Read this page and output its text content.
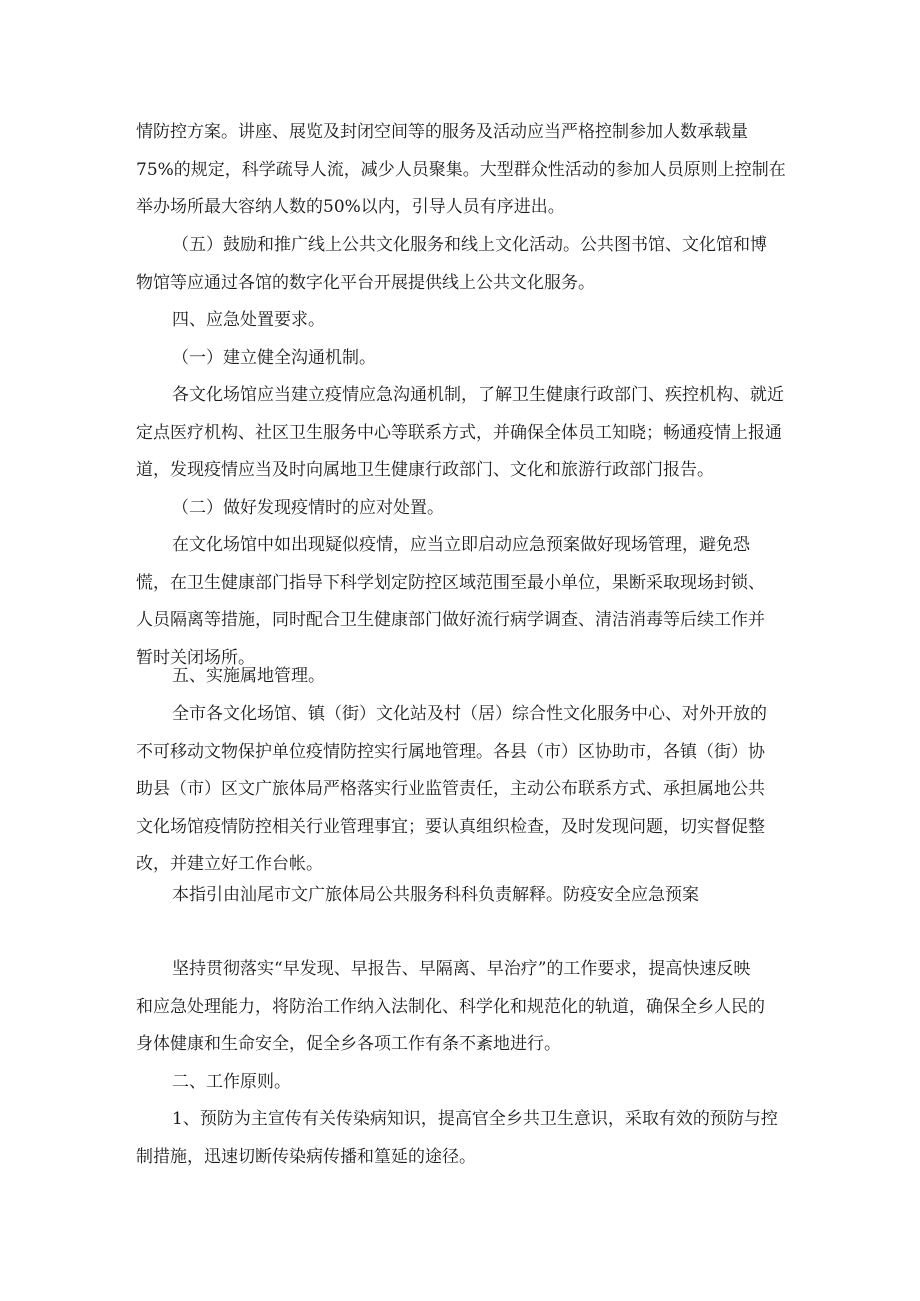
情防控方案。讲座、展览及封闭空间等的服务及活动应当严格控制参加人数承载量
75%的规定，科学疏导人流，减少人员聚集。大型群众性活动的参加人员原则上控制在
举办场所最大容纳人数的50%以内，引导人员有序进出。

（五）鼓励和推广线上公共文化服务和线上文化活动。公共图书馆、文化馆和博
物馆等应通过各馆的数字化平台开展提供线上公共文化服务。

四、应急处置要求。

（一）建立健全沟通机制。

各文化场馆应当建立疫情应急沟通机制，了解卫生健康行政部门、疾控机构、就近
定点医疗机构、社区卫生服务中心等联系方式，并确保全体员工知晓；畅通疫情上报通
道，发现疫情应当及时向属地卫生健康行政部门、文化和旅游行政部门报告。

（二）做好发现疫情时的应对处置。

在文化场馆中如出现疑似疫情，应当立即启动应急预案做好现场管理，避免恐
慌，在卫生健康部门指导下科学划定防控区域范围至最小单位，果断采取现场封锁、
人员隔离等措施，同时配合卫生健康部门做好流行病学调查、清洁消毒等后续工作并
暂时关闭场所。

五、实施属地管理。

全市各文化场馆、镇（街）文化站及村（居）综合性文化服务中心、对外开放的
不可移动文物保护单位疫情防控实行属地管理。各县（市）区协助市，各镇（街）协
助县（市）区文广旅体局严格落实行业监管责任，主动公布联系方式、承担属地公共
文化场馆疫情防控相关行业管理事宜；要认真组织检查，及时发现问题，切实督促整
改，并建立好工作台帐。

本指引由汕尾市文广旅体局公共服务科科负责解释。防疫安全应急预案

坚持贯彻落实“早发现、早报告、早隔离、早治疗”的工作要求，提高快速反映
和应急处理能力，将防治工作纳入法制化、科学化和规范化的轨道，确保全乡人民的
身体健康和生命安全，促全乡各项工作有条不紊地进行。

二、工作原则。

1、预防为主宣传有关传染病知识，提高官全乡共卫生意识，采取有效的预防与控
制措施，迅速切断传染病传播和篁延的途径。
